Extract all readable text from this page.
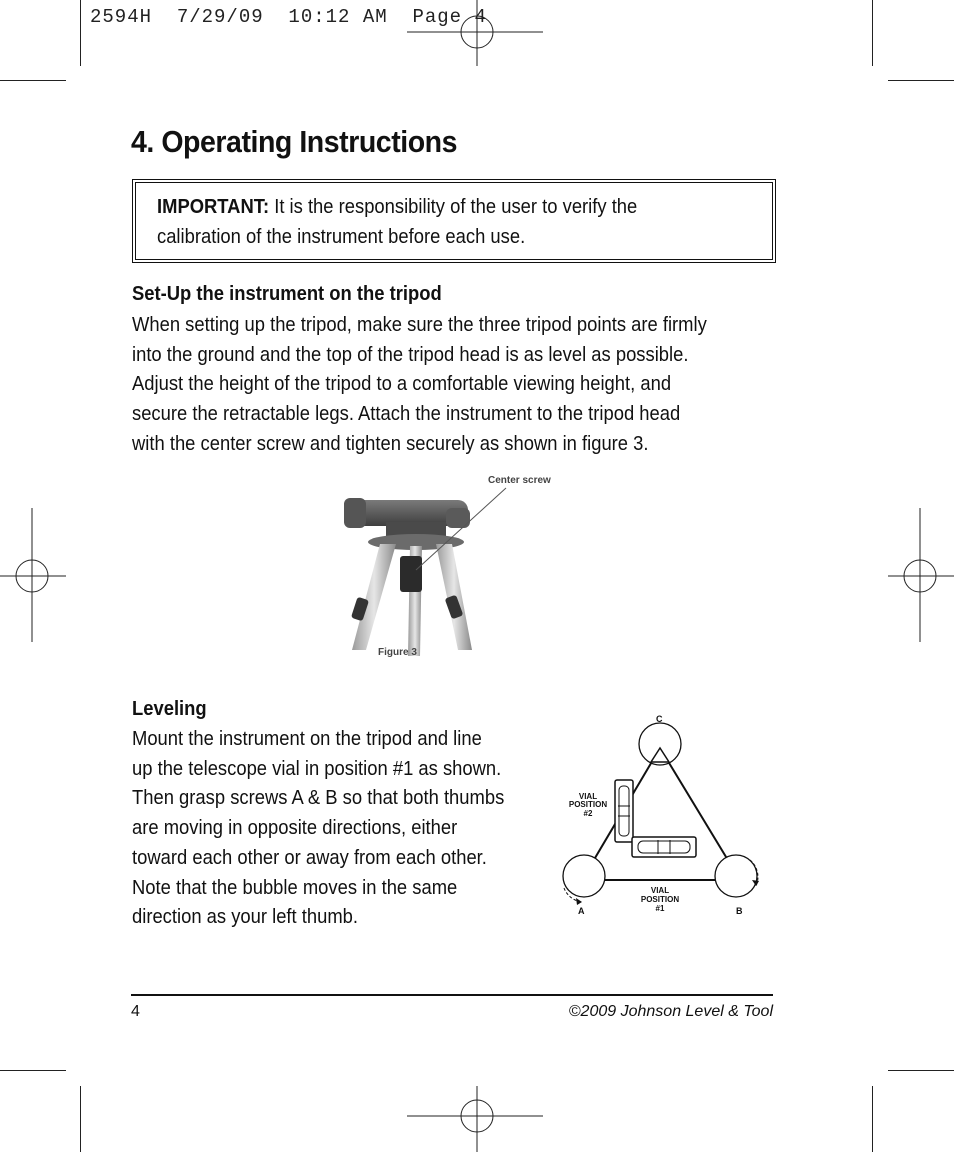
2594H  7/29/09  10:12 AM  Page 4
4. Operating Instructions
IMPORTANT: It is the responsibility of the user to verify the
calibration of the instrument before each use.
Set-Up the instrument on the tripod
When setting up the tripod, make sure the three tripod points are firmly
into the ground and the top of the tripod head is as level as possible.
Adjust the height of the tripod to a comfortable viewing height, and
secure the retractable legs. Attach the instrument to the tripod head
with the center screw and tighten securely as shown in figure 3.
Center screw
Figure 3
Leveling
Mount the instrument on the tripod and line
up the telescope vial in position #1 as shown.
Then grasp screws A & B so that both thumbs
are moving in opposite directions, either
toward each other or away from each other.
Note that the bubble moves in the same
direction as your left thumb.
C
A	B
VIAL
POSITION
#2
VIAL
POSITION
#1
4	©2009 Johnson Level & Tool
